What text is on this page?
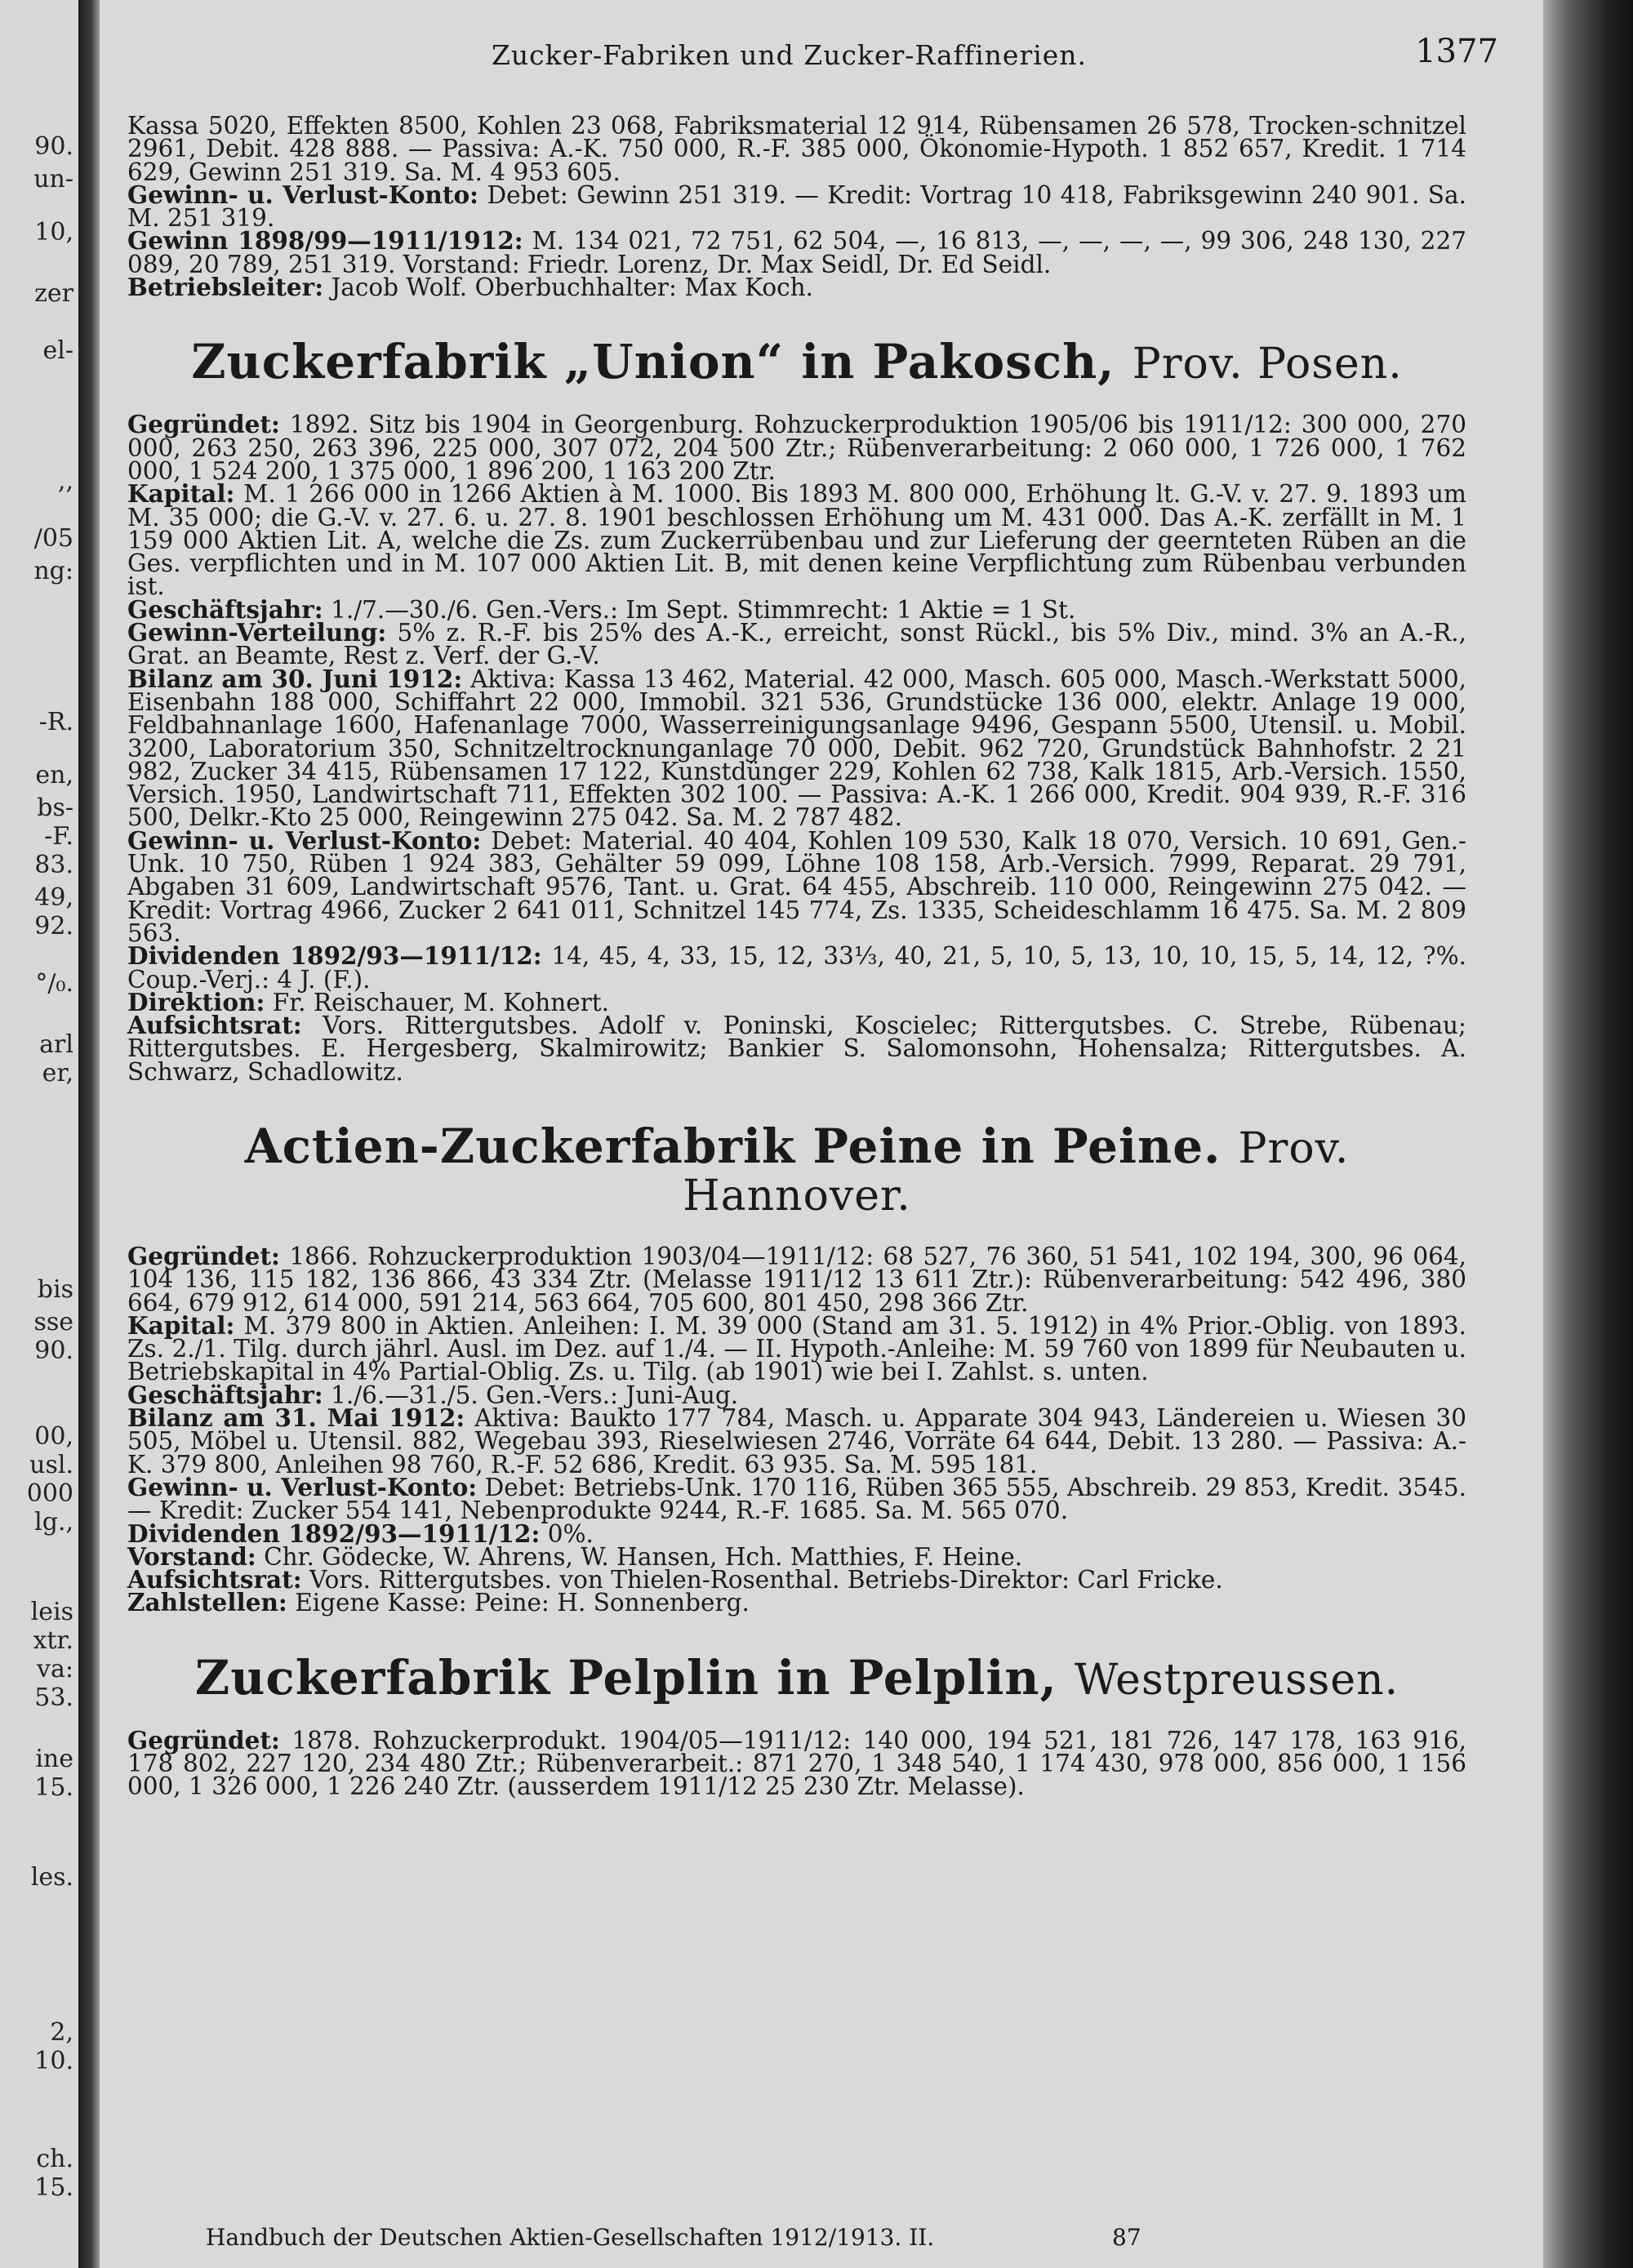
90.
un-
10,
zer
el-
,,
/05
ng:
-R.
en,
bs-
-F.
83.
49,
92.
°/₀.
arl
er,
bis
sse
90.
00,
usl.
000
lg.,
leis
xtr.
va:
53.
ine
15.
les.
2,
10.
ch.
15.
Zucker-Fabriken und Zucker-Raffinerien.	1377

Kassa 5020, Effekten 8500, Kohlen 23 068, Fabriksmaterial 12 914, Rübensamen 26 578, Trocken-schnitzel 2961, Debit. 428 888. — Passiva: A.-K. 750 000, R.-F. 385 000, Ökonomie-Hypoth. 1 852 657, Kredit. 1 714 629, Gewinn 251 319. Sa. M. 4 953 605.

Gewinn- u. Verlust-Konto: Debet: Gewinn 251 319. — Kredit: Vortrag 10 418, Fabriksgewinn 240 901. Sa. M. 251 319.

Gewinn 1898/99—1911/1912: M. 134 021, 72 751, 62 504, —, 16 813, —, —, —, —, 99 306, 248 130, 227 089, 20 789, 251 319. Vorstand: Friedr. Lorenz, Dr. Max Seidl, Dr. Ed Seidl.

Betriebsleiter: Jacob Wolf. Oberbuchhalter: Max Koch.

Zuckerfabrik „Union“ in Pakosch, Prov. Posen.

Gegründet: 1892. Sitz bis 1904 in Georgenburg. Rohzuckerproduktion 1905/06 bis 1911/12: 300 000, 270 000, 263 250, 263 396, 225 000, 307 072, 204 500 Ztr.; Rübenverarbeitung: 2 060 000, 1 726 000, 1 762 000, 1 524 200, 1 375 000, 1 896 200, 1 163 200 Ztr.

Kapital: M. 1 266 000 in 1266 Aktien à M. 1000. Bis 1893 M. 800 000, Erhöhung lt. G.-V. v. 27. 9. 1893 um M. 35 000; die G.-V. v. 27. 6. u. 27. 8. 1901 beschlossen Erhöhung um M. 431 000. Das A.-K. zerfällt in M. 1 159 000 Aktien Lit. A, welche die Zs. zum Zuckerrübenbau und zur Lieferung der geernteten Rüben an die Ges. verpflichten und in M. 107 000 Aktien Lit. B, mit denen keine Verpflichtung zum Rübenbau verbunden ist.

Geschäftsjahr: 1./7.—30./6. Gen.-Vers.: Im Sept. Stimmrecht: 1 Aktie = 1 St.

Gewinn-Verteilung: 5% z. R.-F. bis 25% des A.-K., erreicht, sonst Rückl., bis 5% Div., mind. 3% an A.-R., Grat. an Beamte, Rest z. Verf. der G.-V.

Bilanz am 30. Juni 1912: Aktiva: Kassa 13 462, Material. 42 000, Masch. 605 000, Masch.-Werkstatt 5000, Eisenbahn 188 000, Schiffahrt 22 000, Immobil. 321 536, Grundstücke 136 000, elektr. Anlage 19 000, Feldbahnanlage 1600, Hafenanlage 7000, Wasserreinigungsanlage 9496, Gespann 5500, Utensil. u. Mobil. 3200, Laboratorium 350, Schnitzeltrocknunganlage 70 000, Debit. 962 720, Grundstück Bahnhofstr. 2 21 982, Zucker 34 415, Rübensamen 17 122, Kunstdünger 229, Kohlen 62 738, Kalk 1815, Arb.-Versich. 1550, Versich. 1950, Landwirtschaft 711, Effekten 302 100. — Passiva: A.-K. 1 266 000, Kredit. 904 939, R.-F. 316 500, Delkr.-Kto 25 000, Reingewinn 275 042. Sa. M. 2 787 482.

Gewinn- u. Verlust-Konto: Debet: Material. 40 404, Kohlen 109 530, Kalk 18 070, Versich. 10 691, Gen.-Unk. 10 750, Rüben 1 924 383, Gehälter 59 099, Löhne 108 158, Arb.-Versich. 7999, Reparat. 29 791, Abgaben 31 609, Landwirtschaft 9576, Tant. u. Grat. 64 455, Abschreib. 110 000, Reingewinn 275 042. — Kredit: Vortrag 4966, Zucker 2 641 011, Schnitzel 145 774, Zs. 1335, Scheideschlamm 16 475. Sa. M. 2 809 563.

Dividenden 1892/93—1911/12: 14, 45, 4, 33, 15, 12, 33⅓, 40, 21, 5, 10, 5, 13, 10, 10, 15, 5, 14, 12, ?%. Coup.-Verj.: 4 J. (F.).

Direktion: Fr. Reischauer, M. Kohnert.

Aufsichtsrat: Vors. Rittergutsbes. Adolf v. Poninski, Koscielec; Rittergutsbes. C. Strebe, Rübenau; Rittergutsbes. E. Hergesberg, Skalmirowitz; Bankier S. Salomonsohn, Hohensalza; Rittergutsbes. A. Schwarz, Schadlowitz.

Actien-Zuckerfabrik Peine in Peine. Prov. Hannover.

Gegründet: 1866. Rohzuckerproduktion 1903/04—1911/12: 68 527, 76 360, 51 541, 102 194, 300, 96 064, 104 136, 115 182, 136 866, 43 334 Ztr. (Melasse 1911/12 13 611 Ztr.): Rübenverarbeitung: 542 496, 380 664, 679 912, 614 000, 591 214, 563 664, 705 600, 801 450, 298 366 Ztr.

Kapital: M. 379 800 in Aktien. Anleihen: I. M. 39 000 (Stand am 31. 5. 1912) in 4% Prior.-Oblig. von 1893. Zs. 2./1. Tilg. durch jährl. Ausl. im Dez. auf 1./4. — II. Hypoth.-Anleihe: M. 59 760 von 1899 für Neubauten u. Betriebskapital in 4% Partial-Oblig. Zs. u. Tilg. (ab 1901) wie bei I. Zahlst. s. unten.

Geschäftsjahr: 1./6.—31./5. Gen.-Vers.: Juni-Aug.

Bilanz am 31. Mai 1912: Aktiva: Baukto 177 784, Masch. u. Apparate 304 943, Ländereien u. Wiesen 30 505, Möbel u. Utensil. 882, Wegebau 393, Rieselwiesen 2746, Vorräte 64 644, Debit. 13 280. — Passiva: A.-K. 379 800, Anleihen 98 760, R.-F. 52 686, Kredit. 63 935. Sa. M. 595 181.

Gewinn- u. Verlust-Konto: Debet: Betriebs-Unk. 170 116, Rüben 365 555, Abschreib. 29 853, Kredit. 3545. — Kredit: Zucker 554 141, Nebenprodukte 9244, R.-F. 1685. Sa. M. 565 070.

Dividenden 1892/93—1911/12: 0%.

Vorstand: Chr. Gödecke, W. Ahrens, W. Hansen, Hch. Matthies, F. Heine.

Aufsichtsrat: Vors. Rittergutsbes. von Thielen-Rosenthal. Betriebs-Direktor: Carl Fricke.

Zahlstellen: Eigene Kasse: Peine: H. Sonnenberg.

Zuckerfabrik Pelplin in Pelplin, Westpreussen.

Gegründet: 1878. Rohzuckerprodukt. 1904/05—1911/12: 140 000, 194 521, 181 726, 147 178, 163 916, 178 802, 227 120, 234 480 Ztr.; Rübenverarbeit.: 871 270, 1 348 540, 1 174 430, 978 000, 856 000, 1 156 000, 1 326 000, 1 226 240 Ztr. (ausserdem 1911/12 25 230 Ztr. Melasse).

Handbuch der Deutschen Aktien-Gesellschaften 1912/1913. II.	87
